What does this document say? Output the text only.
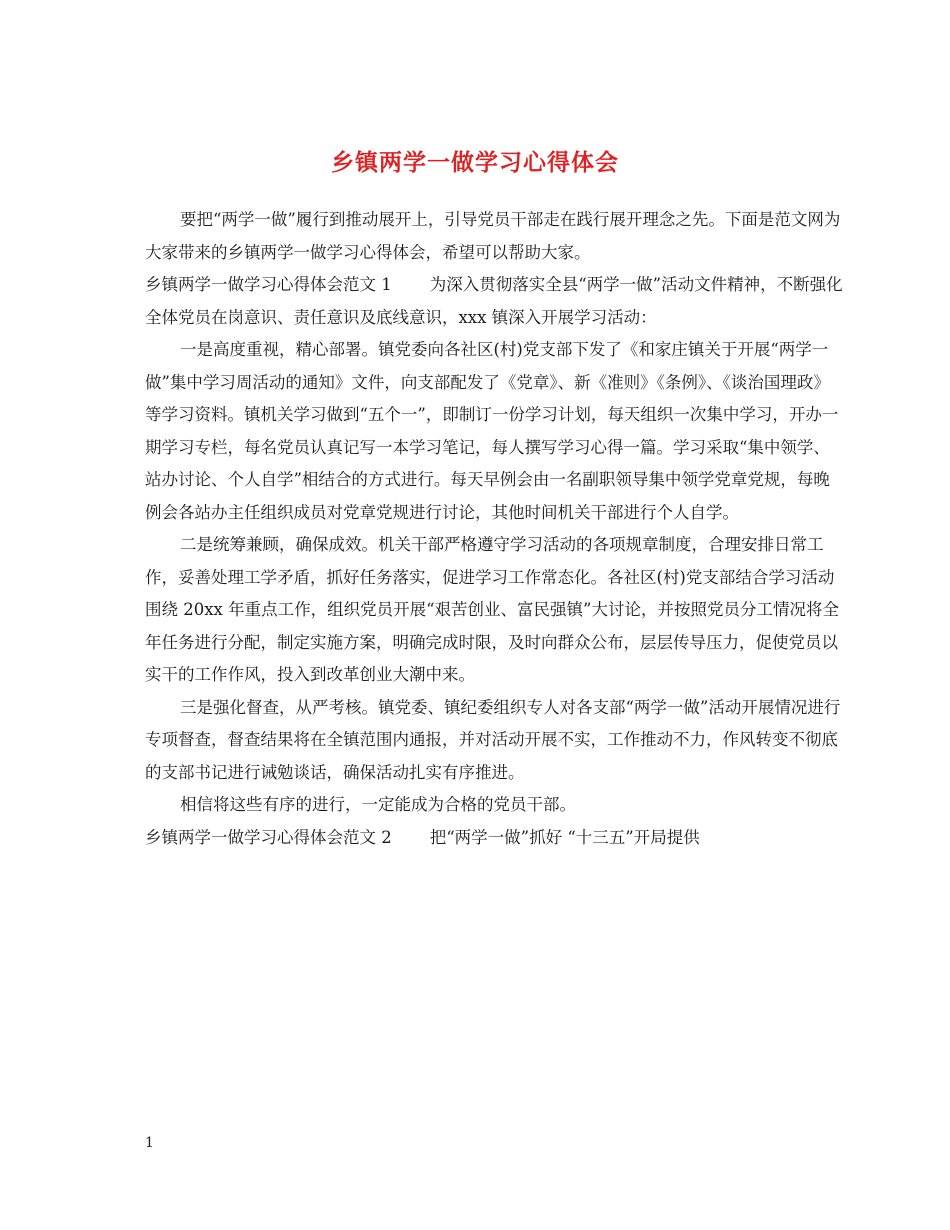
乡镇两学一做学习心得体会

要把“两学一做”履行到推动展开上，引导党员干部走在践行展开理念之先。下面是范文网为大家带来的乡镇两学一做学习心得体会，希望可以帮助大家。

乡镇两学一做学习心得体会范文 1 为深入贯彻落实全县“两学一做”活动文件精神，不断强化全体党员在岗意识、责任意识及底线意识，xxx 镇深入开展学习活动：

一是高度重视，精心部署。镇党委向各社区(村)党支部下发了《和家庄镇关于开展“两学一做”集中学习周活动的通知》文件，向支部配发了《党章》、新《准则》《条例》、《谈治国理政》等学习资料。镇机关学习做到“五个一”，即制订一份学习计划，每天组织一次集中学习，开办一期学习专栏，每名党员认真记写一本学习笔记，每人撰写学习心得一篇。学习采取“集中领学、站办讨论、个人自学”相结合的方式进行。每天早例会由一名副职领导集中领学党章党规，每晚例会各站办主任组织成员对党章党规进行讨论，其他时间机关干部进行个人自学。

二是统筹兼顾，确保成效。机关干部严格遵守学习活动的各项规章制度，合理安排日常工作，妥善处理工学矛盾，抓好任务落实，促进学习工作常态化。各社区(村)党支部结合学习活动围绕 20xx 年重点工作，组织党员开展“艰苦创业、富民强镇”大讨论，并按照党员分工情况将全年任务进行分配，制定实施方案，明确完成时限，及时向群众公布，层层传导压力，促使党员以实干的工作作风，投入到改革创业大潮中来。

三是强化督查，从严考核。镇党委、镇纪委组织专人对各支部“两学一做”活动开展情况进行专项督查，督查结果将在全镇范围内通报，并对活动开展不实，工作推动不力，作风转变不彻底的支部书记进行诫勉谈话，确保活动扎实有序推进。

相信将这些有序的进行，一定能成为合格的党员干部。

乡镇两学一做学习心得体会范文 2 把“两学一做”抓好 “十三五”开局提供

1
